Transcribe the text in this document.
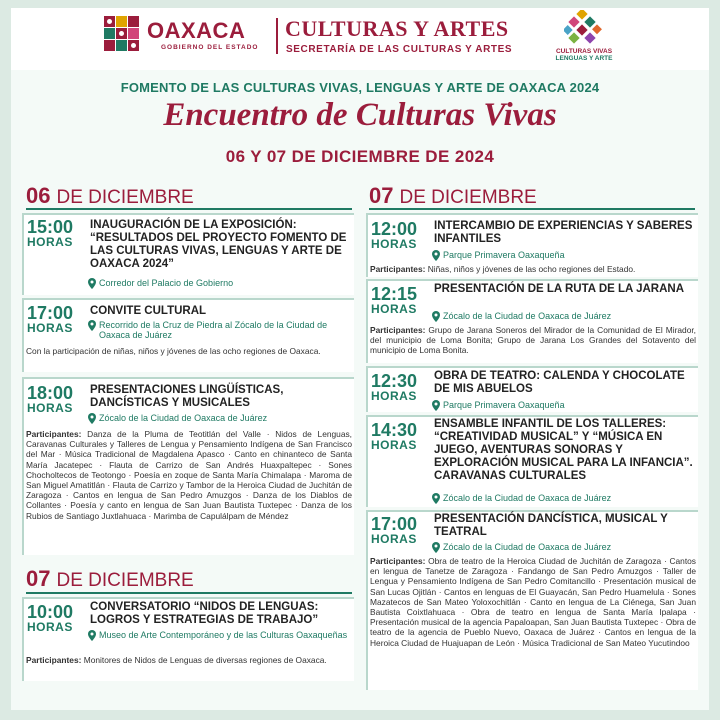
OAXACA
GOBIERNO DEL ESTADO
CULTURAS Y ARTES
SECRETARÍA DE LAS CULTURAS Y ARTES	CULTURAS VIVAS
LENGUAS Y ARTE
FOMENTO DE LAS CULTURAS VIVAS, LENGUAS Y ARTE DE OAXACA 2024
Encuentro de Culturas Vivas
06 Y 07 DE DICIEMBRE DE 2024
06 DE DICIEMBRE
15:00
HORAS
INAUGURACIÓN DE LA EXPOSICIÓN: “RESULTADOS DEL PROYECTO FOMENTO DE LAS CULTURAS VIVAS, LENGUAS Y ARTE DE OAXACA 2024”
Corredor del Palacio de Gobierno
17:00
HORAS
CONVITE CULTURAL
Recorrido de la Cruz de Piedra al Zócalo de la Ciudad de Oaxaca de Juárez
Con la participación de niñas, niños y jóvenes de las ocho regiones de Oaxaca.
18:00
HORAS
PRESENTACIONES LINGÜÍSTICAS, DANCÍSTICAS Y MUSICALES
Zócalo de la Ciudad de Oaxaca de Juárez
Participantes: Danza de la Pluma de Teotitlán del Valle · Nidos de Lenguas, Caravanas Culturales y Talleres de Lengua y Pensamiento Indígena de San Francisco del Mar · Música Tradicional de Magdalena Apasco · Canto en chinanteco de Santa María Jacatepec · Flauta de Carrizo de San Andrés Huaxpaltepec · Sones Chocholtecos de Teotongo · Poesía en zoque de Santa María Chimalapa · Maroma de San Miguel Amatitlán · Flauta de Carrizo y Tambor de la Heroica Ciudad de Juchitán de Zaragoza · Cantos en lengua de San Pedro Amuzgos · Danza de los Diablos de Collantes · Poesía y canto en lengua de San Juan Bautista Tuxtepec · Danza de los Rubios de Santiago Juxtlahuaca · Marimba de Capulálpam de Méndez
07 DE DICIEMBRE
10:00
HORAS
CONVERSATORIO “NIDOS DE LENGUAS: LOGROS Y ESTRATEGIAS DE TRABAJO”
Museo de Arte Contemporáneo y de las Culturas Oaxaqueñas
Participantes: Monitores de Nidos de Lenguas de diversas regiones de Oaxaca.
07 DE DICIEMBRE
12:00
HORAS
INTERCAMBIO DE EXPERIENCIAS Y SABERES INFANTILES
Parque Primavera Oaxaqueña
Participantes: Niñas, niños y jóvenes de las ocho regiones del Estado.
12:15
HORAS
PRESENTACIÓN DE LA RUTA DE LA JARANA
Zócalo de la Ciudad de Oaxaca de Juárez
Participantes: Grupo de Jarana Soneros del Mirador de la Comunidad de El Mirador, del municipio de Loma Bonita; Grupo de Jarana Los Grandes del Sotavento del municipio de Loma Bonita.
12:30
HORAS
OBRA DE TEATRO: CALENDA Y CHOCOLATE DE MIS ABUELOS
Parque Primavera Oaxaqueña
14:30
HORAS
ENSAMBLE INFANTIL DE LOS TALLERES: “CREATIVIDAD MUSICAL” Y “MÚSICA EN JUEGO, AVENTURAS SONORAS Y EXPLORACIÓN MUSICAL PARA LA INFANCIA”. CARAVANAS CULTURALES
Zócalo de la Ciudad de Oaxaca de Juárez
17:00
HORAS
PRESENTACIÓN DANCÍSTICA, MUSICAL Y TEATRAL
Zócalo de la Ciudad de Oaxaca de Juárez
Participantes: Obra de teatro de la Heroica Ciudad de Juchitán de Zaragoza · Cantos en lengua de Tanetze de Zaragoza · Fandango de San Pedro Amuzgos · Taller de Lengua y Pensamiento Indígena de San Pedro Comitancillo · Presentación musical de San Lucas Ojitlán · Cantos en lenguas de El Guayacán, San Pedro Huamelula · Sones Mazatecos de San Mateo Yoloxochitlán · Canto en lengua de La Ciénega, San Juan Bautista Coixtlahuaca · Obra de teatro en lengua de Santa María Ipalapa · Presentación musical de la agencia Papaloapan, San Juan Bautista Tuxtepec · Obra de teatro de la agencia de Pueblo Nuevo, Oaxaca de Juárez · Cantos en lengua de la Heroica Ciudad de Huajuapan de León · Música Tradicional de San Mateo Yucutindoo
